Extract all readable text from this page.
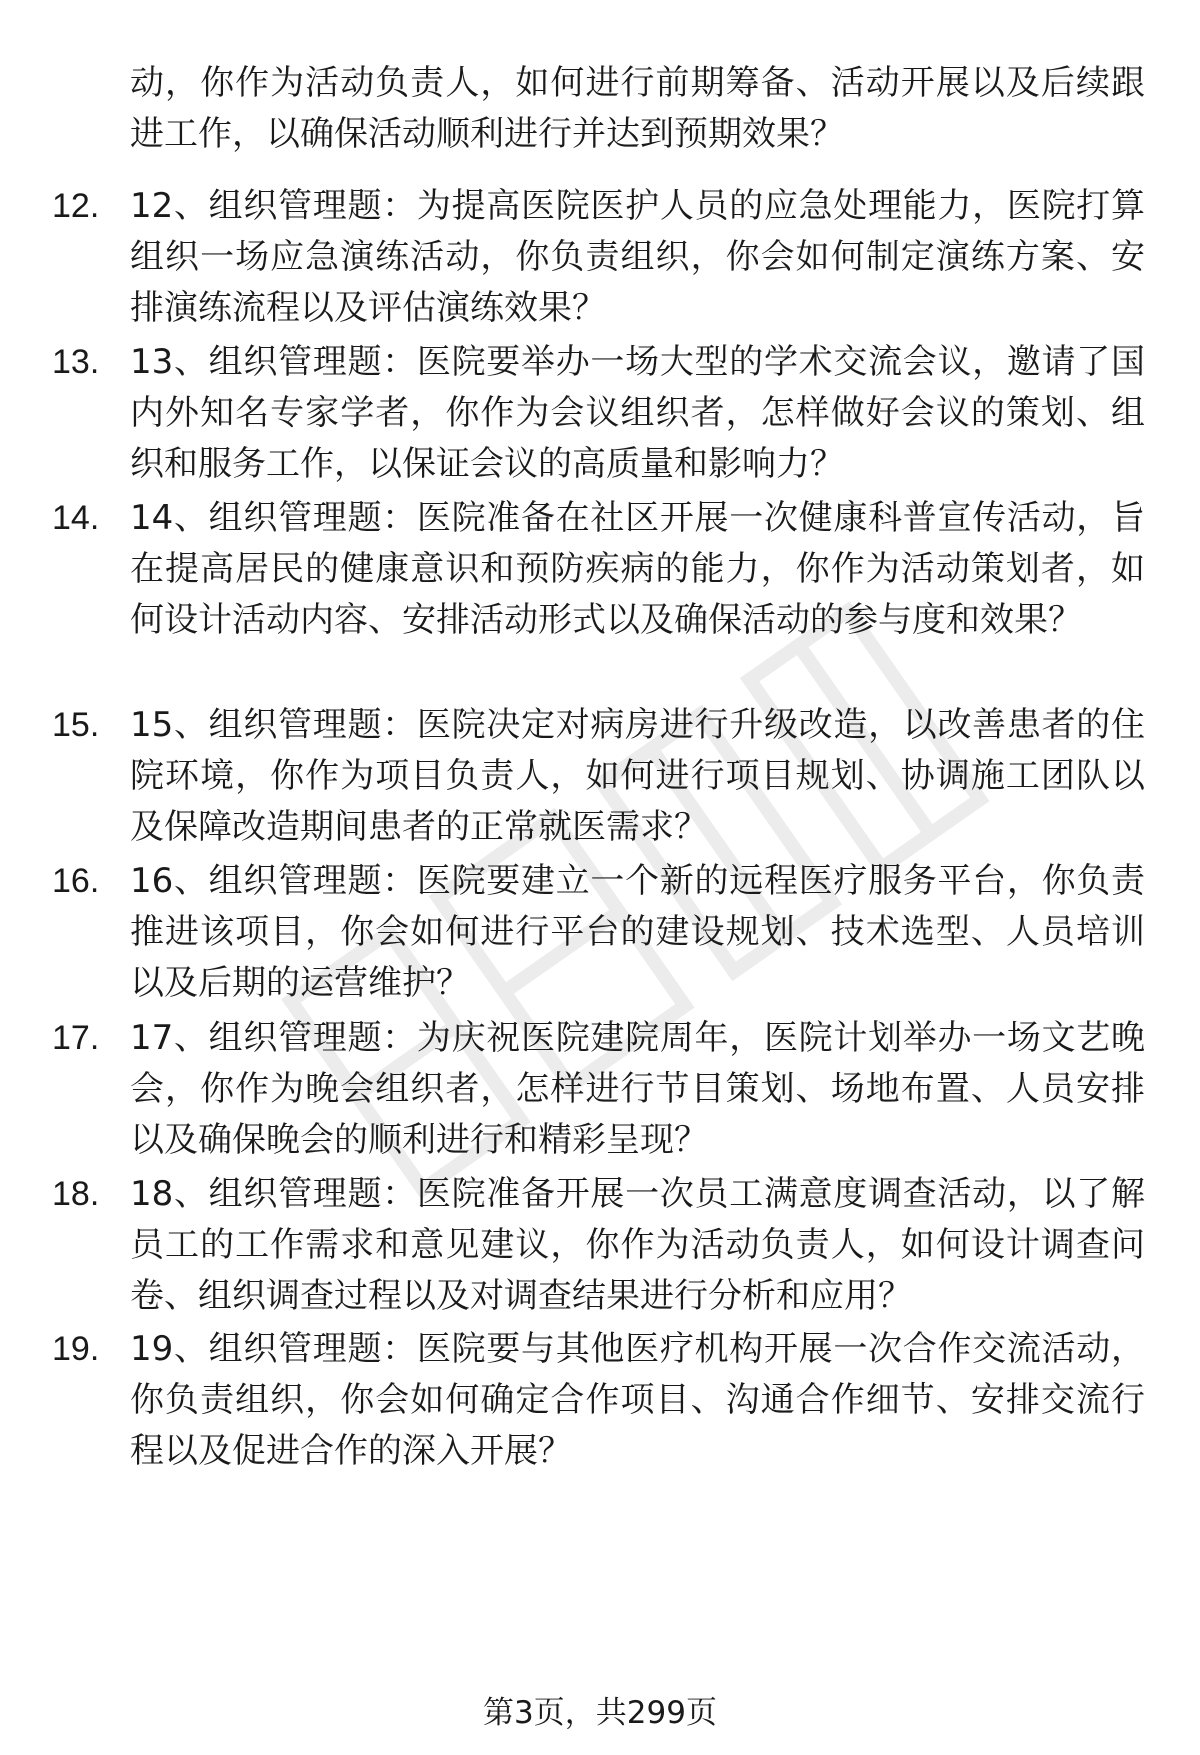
动，你作为活动负责人，如何进行前期筹备、活动开展以及后续跟进工作，以确保活动顺利进行并达到预期效果？

12. 12、组织管理题：为提高医院医护人员的应急处理能力，医院打算组织一场应急演练活动，你负责组织，你会如何制定演练方案、安排演练流程以及评估演练效果？

13. 13、组织管理题：医院要举办一场大型的学术交流会议，邀请了国内外知名专家学者，你作为会议组织者，怎样做好会议的策划、组织和服务工作，以保证会议的高质量和影响力？

14. 14、组织管理题：医院准备在社区开展一次健康科普宣传活动，旨在提高居民的健康意识和预防疾病的能力，你作为活动策划者，如何设计活动内容、安排活动形式以及确保活动的参与度和效果？

15. 15、组织管理题：医院决定对病房进行升级改造，以改善患者的住院环境，你作为项目负责人，如何进行项目规划、协调施工团队以及保障改造期间患者的正常就医需求？

16. 16、组织管理题：医院要建立一个新的远程医疗服务平台，你负责推进该项目，你会如何进行平台的建设规划、技术选型、人员培训以及后期的运营维护？

17. 17、组织管理题：为庆祝医院建院周年，医院计划举办一场文艺晚会，你作为晚会组织者，怎样进行节目策划、场地布置、人员安排以及确保晚会的顺利进行和精彩呈现？

18. 18、组织管理题：医院准备开展一次员工满意度调查活动，以了解员工的工作需求和意见建议，你作为活动负责人，如何设计调查问卷、组织调查过程以及对调查结果进行分析和应用？

19. 19、组织管理题：医院要与其他医疗机构开展一次合作交流活动，你负责组织，你会如何确定合作项目、沟通合作细节、安排交流行程以及促进合作的深入开展？

第3页，共299页
